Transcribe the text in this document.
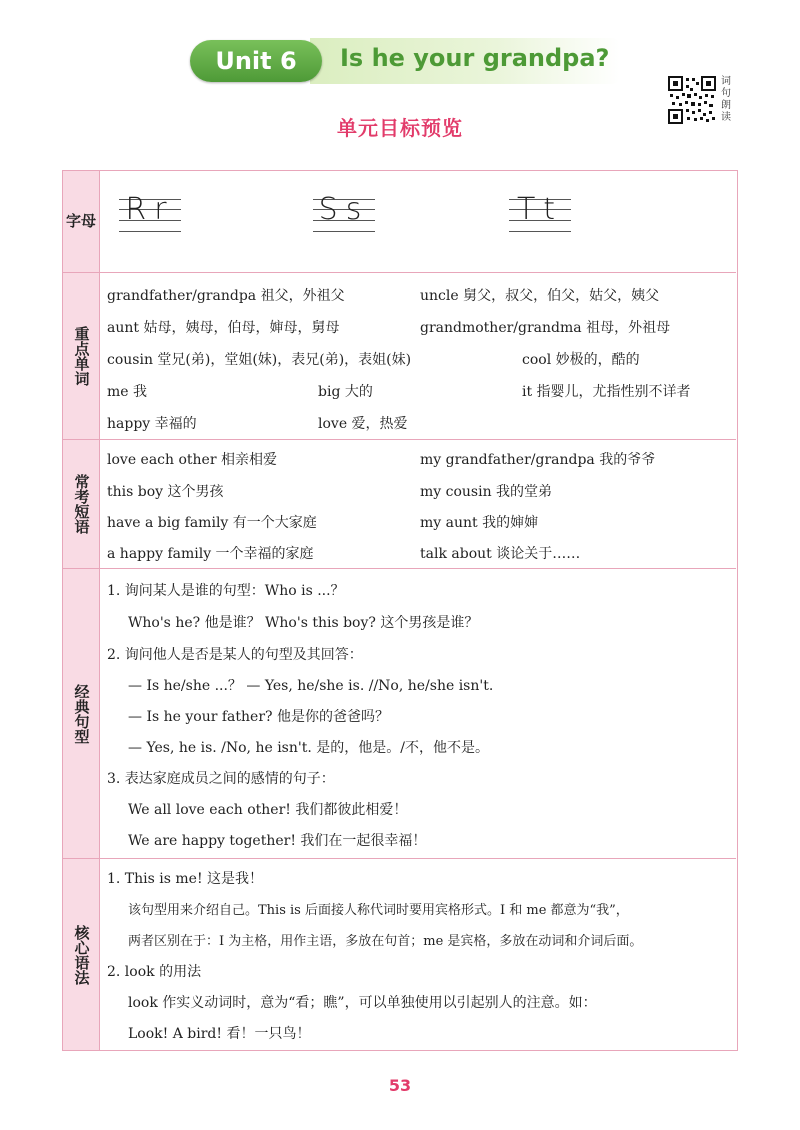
Unit 6	Is he your grandpa?
词句朗读
单元目标预览
字母 Rr	Ss	Tt
重点单词
grandfather/grandpa 祖父，外祖父	uncle 舅父，叔父，伯父，姑父，姨父
aunt 姑母，姨母，伯母，婶母，舅母	grandmother/grandma 祖母，外祖母
cousin 堂兄(弟)，堂姐(妹)，表兄(弟)，表姐(妹)	cool 妙极的，酷的
me 我	big 大的	it 指婴儿，尤指性别不详者
happy 幸福的	love 爱，热爱
常考短语
love each other 相亲相爱	my grandfather/grandpa 我的爷爷
this boy 这个男孩	my cousin 我的堂弟
have a big family 有一个大家庭	my aunt 我的婶婶
a happy family 一个幸福的家庭	talk about 谈论关于……
经典句型
1. 询问某人是谁的句型：Who is ...？
Who's he? 他是谁？ Who's this boy? 这个男孩是谁？
2. 询问他人是否是某人的句型及其回答：
— Is he/she ...？ — Yes, he/she is. //No, he/she isn't.
— Is he your father? 他是你的爸爸吗？
— Yes, he is. /No, he isn't. 是的，他是。/不，他不是。
3. 表达家庭成员之间的感情的句子：
We all love each other! 我们都彼此相爱！
We are happy together! 我们在一起很幸福！
核心语法
1. This is me! 这是我！
该句型用来介绍自己。This is 后面接人称代词时要用宾格形式。I 和 me 都意为“我”，
两者区别在于：I 为主格，用作主语，多放在句首；me 是宾格，多放在动词和介词后面。
2. look 的用法
look 作实义动词时，意为“看；瞧”，可以单独使用以引起别人的注意。如：
Look! A bird! 看！一只鸟！
53
